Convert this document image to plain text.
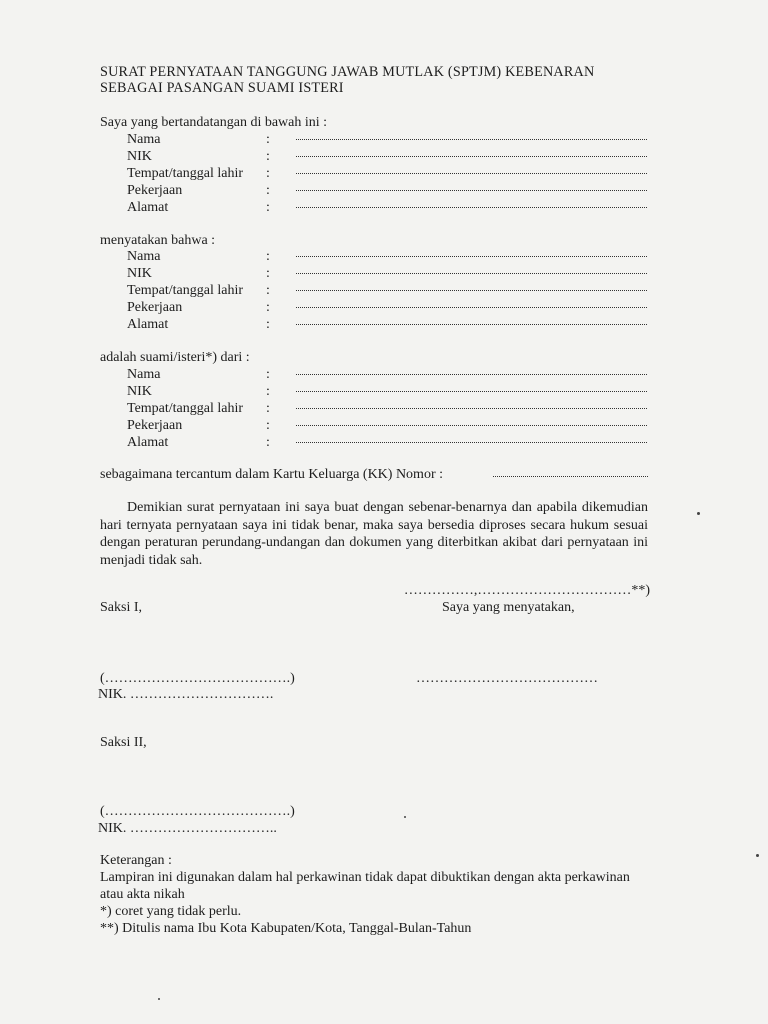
SURAT PERNYATAAN TANGGUNG JAWAB MUTLAK (SPTJM) KEBENARAN SEBAGAI PASANGAN SUAMI ISTERI
Saya yang bertandatangan di bawah ini :
Nama	:
NIK	:
Tempat/tanggal lahir :
Pekerjaan	:
Alamat	:
menyatakan bahwa :
Nama	:
NIK	:
Tempat/tanggal lahir :
Pekerjaan	:
Alamat	:
adalah suami/isteri*) dari :
Nama	:
NIK	:
Tempat/tanggal lahir :
Pekerjaan	:
Alamat	:
sebagaimana tercantum dalam Kartu Keluarga (KK) Nomor :
Demikian surat pernyataan ini saya buat dengan sebenar-benarnya dan apabila dikemudian hari ternyata pernyataan saya ini tidak benar, maka saya bersedia diproses secara hukum sesuai dengan peraturan perundang-undangan dan dokumen yang diterbitkan akibat dari pernyataan ini menjadi tidak sah.
……………,……………………………**)
Saksi I,	Saya yang menyatakan,
(………………………………….)	…………………………………
NIK. ………………………….
Saksi II,
(………………………………….)
NIK. …………………………..
Keterangan :
Lampiran ini digunakan dalam hal perkawinan tidak dapat dibuktikan dengan akta perkawinan atau akta nikah
*) coret yang tidak perlu.
**) Ditulis nama Ibu Kota Kabupaten/Kota, Tanggal-Bulan-Tahun
